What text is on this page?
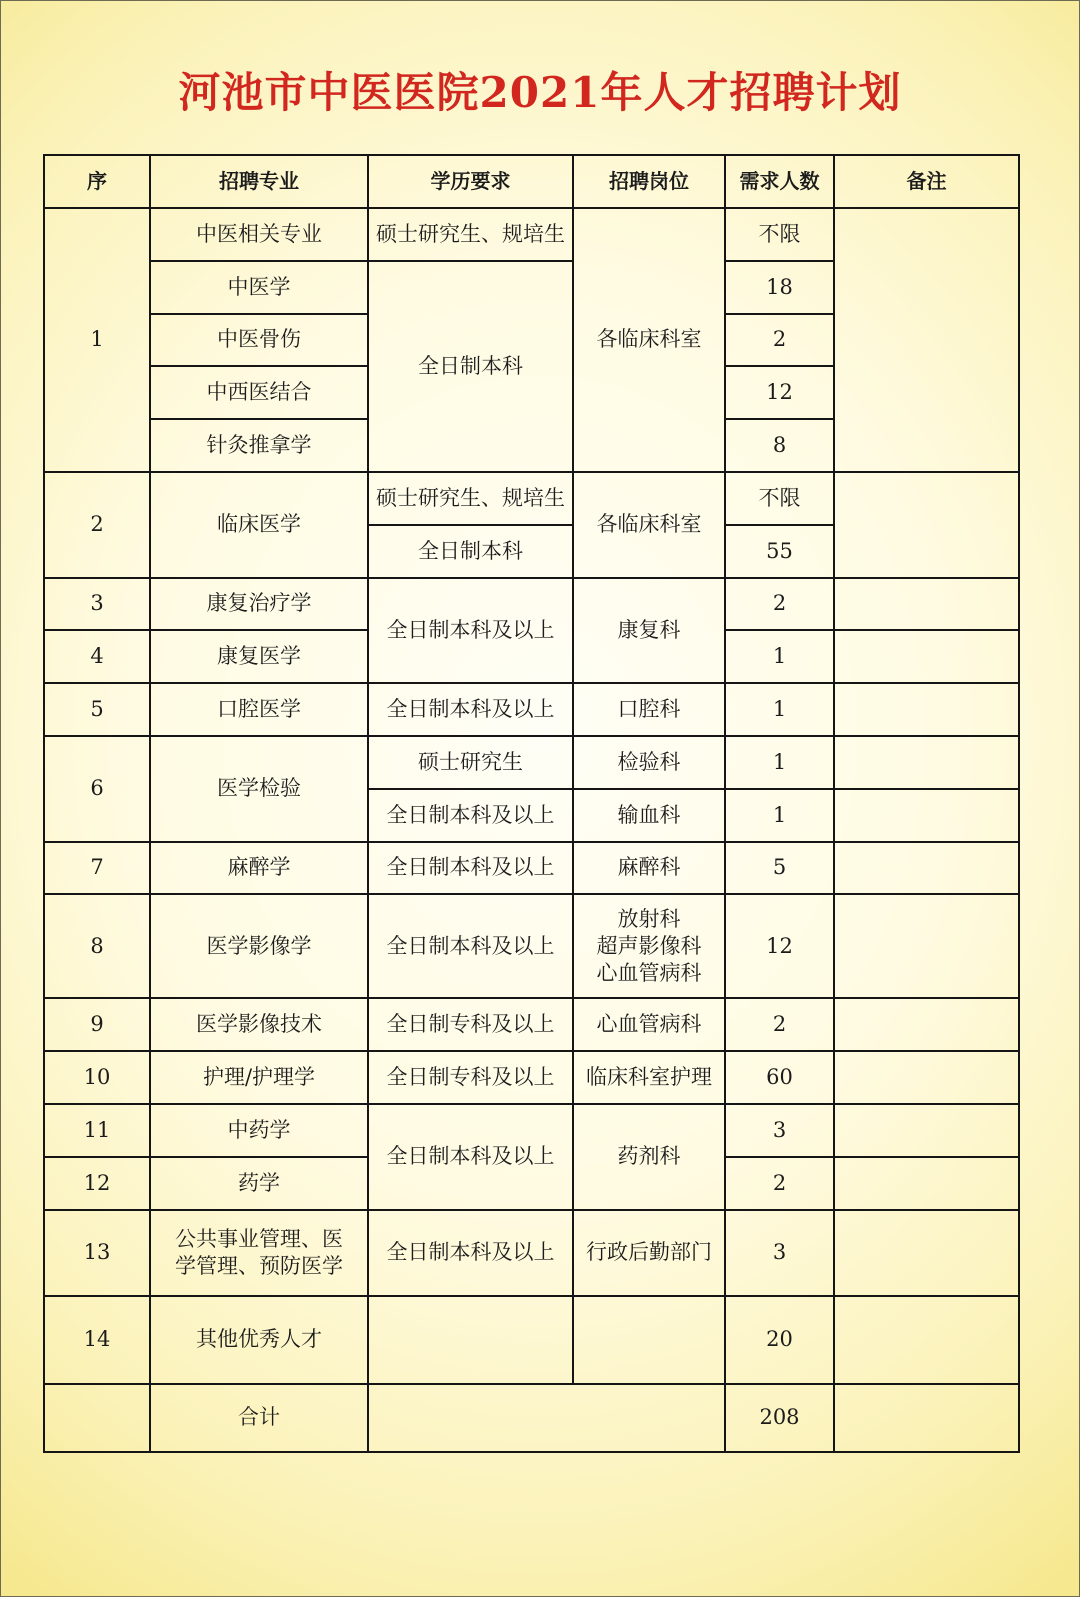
河池市中医医院2021年人才招聘计划
序	招聘专业	学历要求	招聘岗位	需求人数	备注
1	中医相关专业	硕士研究生、规培生	各临床科室	不限	
	中医学	全日制本科		18	
	中医骨伤			2	
	中西医结合			12	
	针灸推拿学			8	
2	临床医学	硕士研究生、规培生	各临床科室	不限	
		全日制本科		55	
3	康复治疗学	全日制本科及以上	康复科	2	
4	康复医学			1	
5	口腔医学	全日制本科及以上	口腔科	1	
6	医学检验	硕士研究生	检验科	1	
		全日制本科及以上	输血科	1	
7	麻醉学	全日制本科及以上	麻醉科	5	
8	医学影像学	全日制本科及以上	放射科
超声影像科
心血管病科	12	
9	医学影像技术	全日制专科及以上	心血管病科	2	
10	护理/护理学	全日制专科及以上	临床科室护理	60	
11	中药学	全日制本科及以上	药剂科	3	
12	药学			2	
13	公共事业管理、医
学管理、预防医学	全日制本科及以上	行政后勤部门	3	
14	其他优秀人才			20	
	合计			208	
